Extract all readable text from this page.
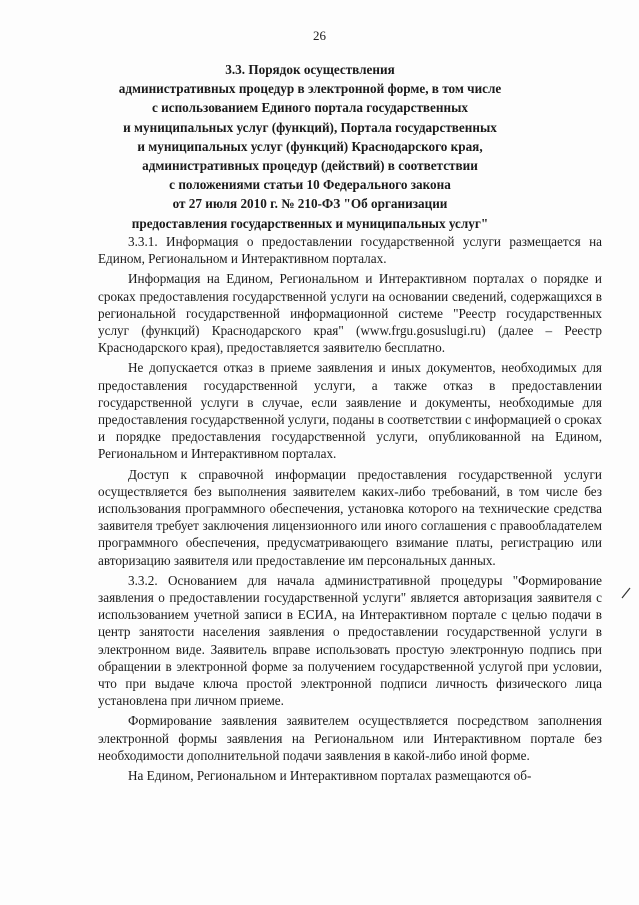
26
3.3. Порядок осуществления
административных процедур в электронной форме, в том числе
с использованием Единого портала государственных
и муниципальных услуг (функций), Портала государственных
и муниципальных услуг (функций) Краснодарского края,
административных процедур (действий) в соответствии
с положениями статьи 10 Федерального закона
от 27 июля 2010 г. № 210-ФЗ "Об организации
предоставления государственных и муниципальных услуг"

3.3.1. Информация о предоставлении государственной услуги размещается на Едином, Региональном и Интерактивном порталах.

Информация на Едином, Региональном и Интерактивном порталах о порядке и сроках предоставления государственной услуги на основании сведений, содержащихся в региональной государственной информационной системе "Реестр государственных услуг (функций) Краснодарского края" (www.frgu.gosuslugi.ru) (далее – Реестр Краснодарского края), предоставляется заявителю бесплатно.

Не допускается отказ в приеме заявления и иных документов, необходимых для предоставления государственной услуги, а также отказ в предоставлении государственной услуги в случае, если заявление и документы, необходимые для предоставления государственной услуги, поданы в соответствии с информацией о сроках и порядке предоставления государственной услуги, опубликованной на Едином, Региональном и Интерактивном порталах.

Доступ к справочной информации предоставления государственной услуги осуществляется без выполнения заявителем каких-либо требований, в том числе без использования программного обеспечения, установка которого на технические средства заявителя требует заключения лицензионного или иного соглашения с правообладателем программного обеспечения, предусматривающего взимание платы, регистрацию или авторизацию заявителя или предоставление им персональных данных.

3.3.2. Основанием для начала административной процедуры "Формирование заявления о предоставлении государственной услуги" является авторизация заявителя с использованием учетной записи в ЕСИА, на Интерактивном портале с целью подачи в центр занятости населения заявления о предоставлении государственной услуги в электронном виде. Заявитель вправе использовать простую электронную подпись при обращении в электронной форме за получением государственной услугой при условии, что при выдаче ключа простой электронной подписи личность физического лица установлена при личном приеме.

Формирование заявления заявителем осуществляется посредством заполнения электронной формы заявления на Региональном или Интерактивном портале без необходимости дополнительной подачи заявления в какой-либо иной форме.

На Едином, Региональном и Интерактивном порталах размещаются об-
